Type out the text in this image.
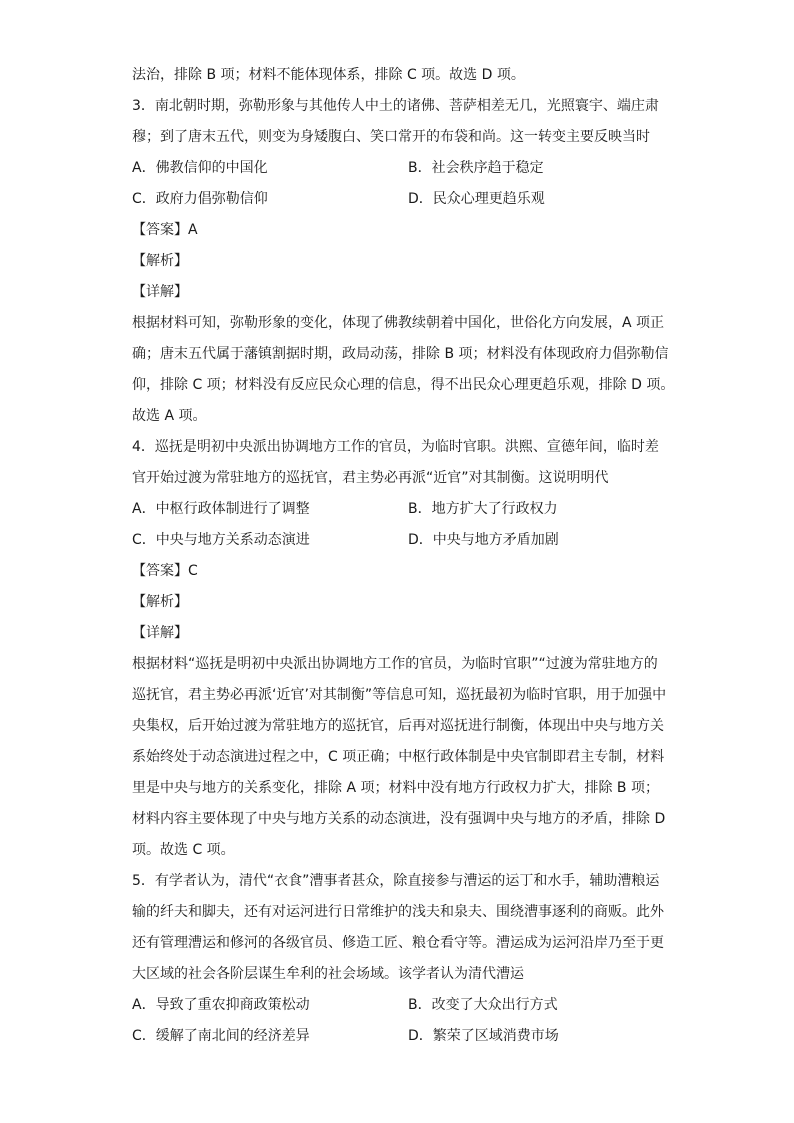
法治，排除 B 项；材料不能体现体系，排除 C 项。故选 D 项。
3．南北朝时期，弥勒形象与其他传人中土的诸佛、菩萨相差无几，光照寰宇、端庄肃
穆；到了唐末五代，则变为身矮腹白、笑口常开的布袋和尚。这一转变主要反映当时
A．佛教信仰的中国化	B．社会秩序趋于稳定
C．政府力倡弥勒信仰	D．民众心理更趋乐观
【答案】A
【解析】
【详解】
根据材料可知，弥勒形象的变化，体现了佛教续朝着中国化，世俗化方向发展，A 项正
确；唐末五代属于藩镇割据时期，政局动荡，排除 B 项；材料没有体现政府力倡弥勒信
仰，排除 C 项；材料没有反应民众心理的信息，得不出民众心理更趋乐观，排除 D 项。
故选 A 项。
4．巡抚是明初中央派出协调地方工作的官员，为临时官职。洪熙、宣德年间，临时差
官开始过渡为常驻地方的巡抚官，君主势必再派“近官”对其制衡。这说明明代
A．中枢行政体制进行了调整	B．地方扩大了行政权力
C．中央与地方关系动态演进	D．中央与地方矛盾加剧
【答案】C
【解析】
【详解】
根据材料“巡抚是明初中央派出协调地方工作的官员，为临时官职”“过渡为常驻地方的
巡抚官，君主势必再派‘近官’对其制衡”等信息可知，巡抚最初为临时官职，用于加强中
央集权，后开始过渡为常驻地方的巡抚官，后再对巡抚进行制衡，体现出中央与地方关
系始终处于动态演进过程之中，C 项正确；中枢行政体制是中央官制即君主专制，材料
里是中央与地方的关系变化，排除 A 项；材料中没有地方行政权力扩大，排除 B 项；
材料内容主要体现了中央与地方关系的动态演进，没有强调中央与地方的矛盾，排除 D
项。故选 C 项。
5．有学者认为，清代“衣食”漕事者甚众，除直接参与漕运的运丁和水手，辅助漕粮运
输的纤夫和脚夫，还有对运河进行日常维护的浅夫和泉夫、围绕漕事逐利的商贩。此外
还有管理漕运和修河的各级官员、修造工匠、粮仓看守等。漕运成为运河沿岸乃至于更
大区域的社会各阶层谋生牟利的社会场域。该学者认为清代漕运
A．导致了重农抑商政策松动	B．改变了大众出行方式
C．缓解了南北间的经济差异	D．繁荣了区域消费市场
